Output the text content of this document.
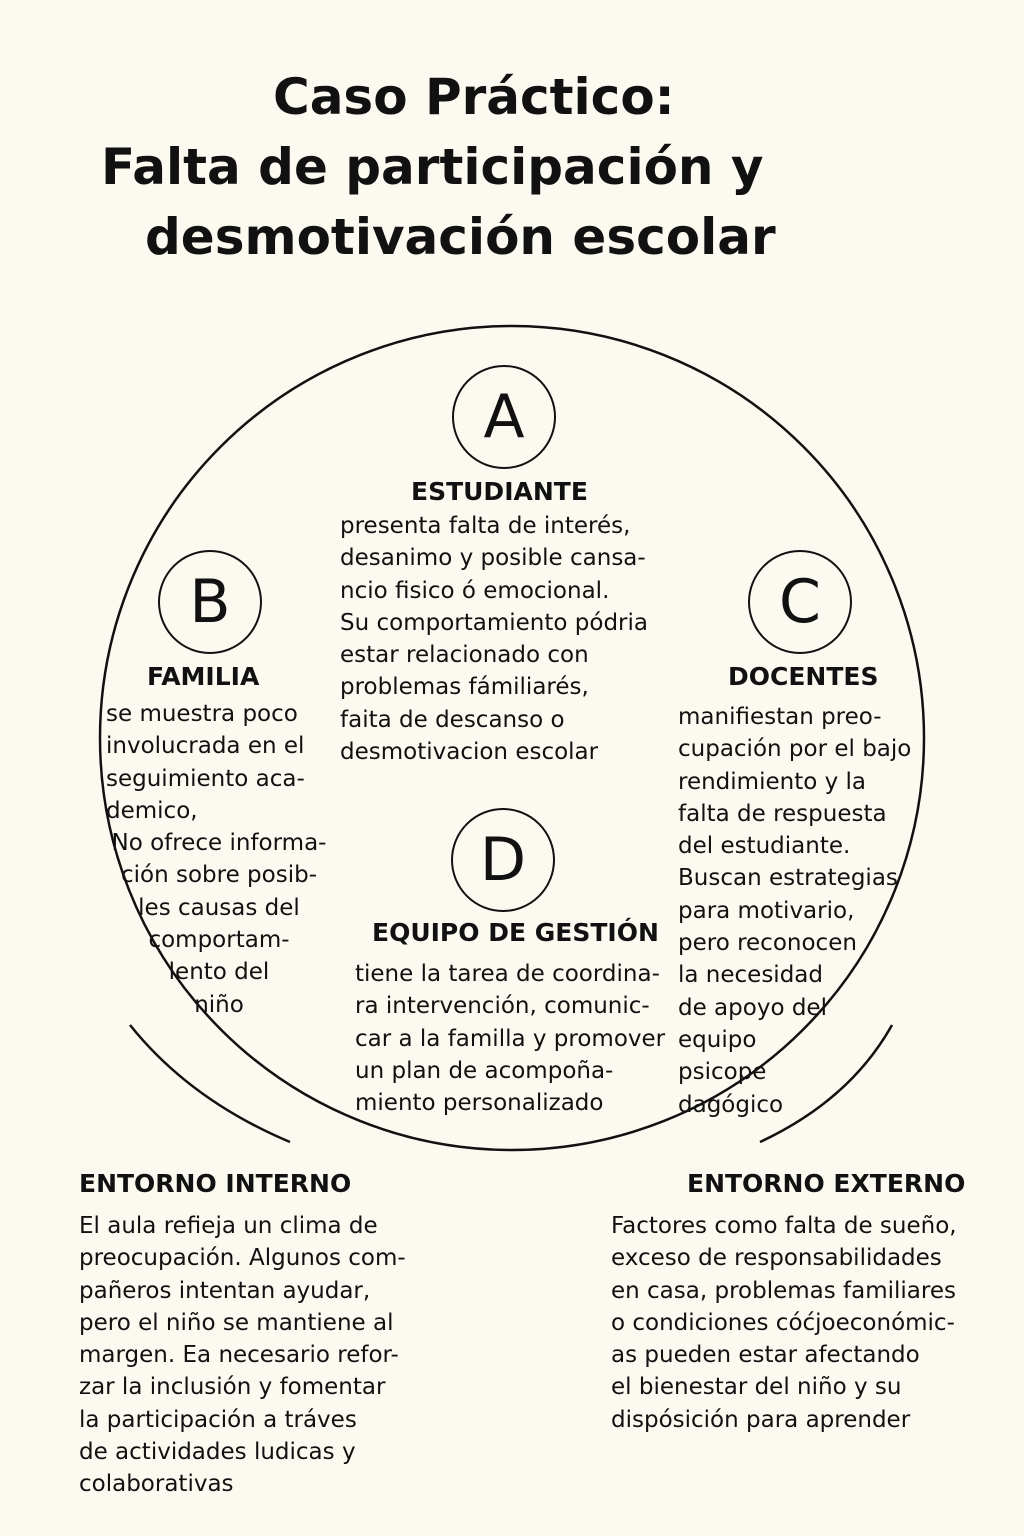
Caso Práctico:
Falta de participación y
desmotivación escolar
A
ESTUDIANTE
presenta falta de interés,
desanimo y posible cansa-
ncio fisico ó emocional.
Su comportamiento pódria
estar relacionado con
problemas fámiliarés,
faita de descanso o
desmotivacion escolar
B
FAMILIA
se muestra poco
involucrada en el
seguimiento aca-
demico,
No ofrece informa-
ción sobre posib-
les causas del
comportam-
lento del
niño
C
DOCENTES
manifiestan preo-
cupación por el bajo
rendimiento y la
falta de respuesta
del estudiante.
Buscan estrategias
para motivario,
pero reconocen
la necesidad
de apoyo del
equipo
psicope
dagógico
D
EQUIPO DE GESTIÓN
tiene la tarea de coordina-
ra intervención, comunic-
car a la familla y promover
un plan de acompoña-
miento personalizado
ENTORNO INTERNO
El aula refieja un clima de
preocupación. Algunos com-
pañeros intentan ayudar,
pero el niño se mantiene al
margen. Ea necesario refor-
zar la inclusión y fomentar
la participación a tráves
de actividades ludicas y
colaborativas
ENTORNO EXTERNO
Factores como falta de sueño,
exceso de responsabilidades
en casa, problemas familiares
o condiciones cóćjoeconómic-
as pueden estar afectando
el bienestar del niño y su
dispósición para aprender
